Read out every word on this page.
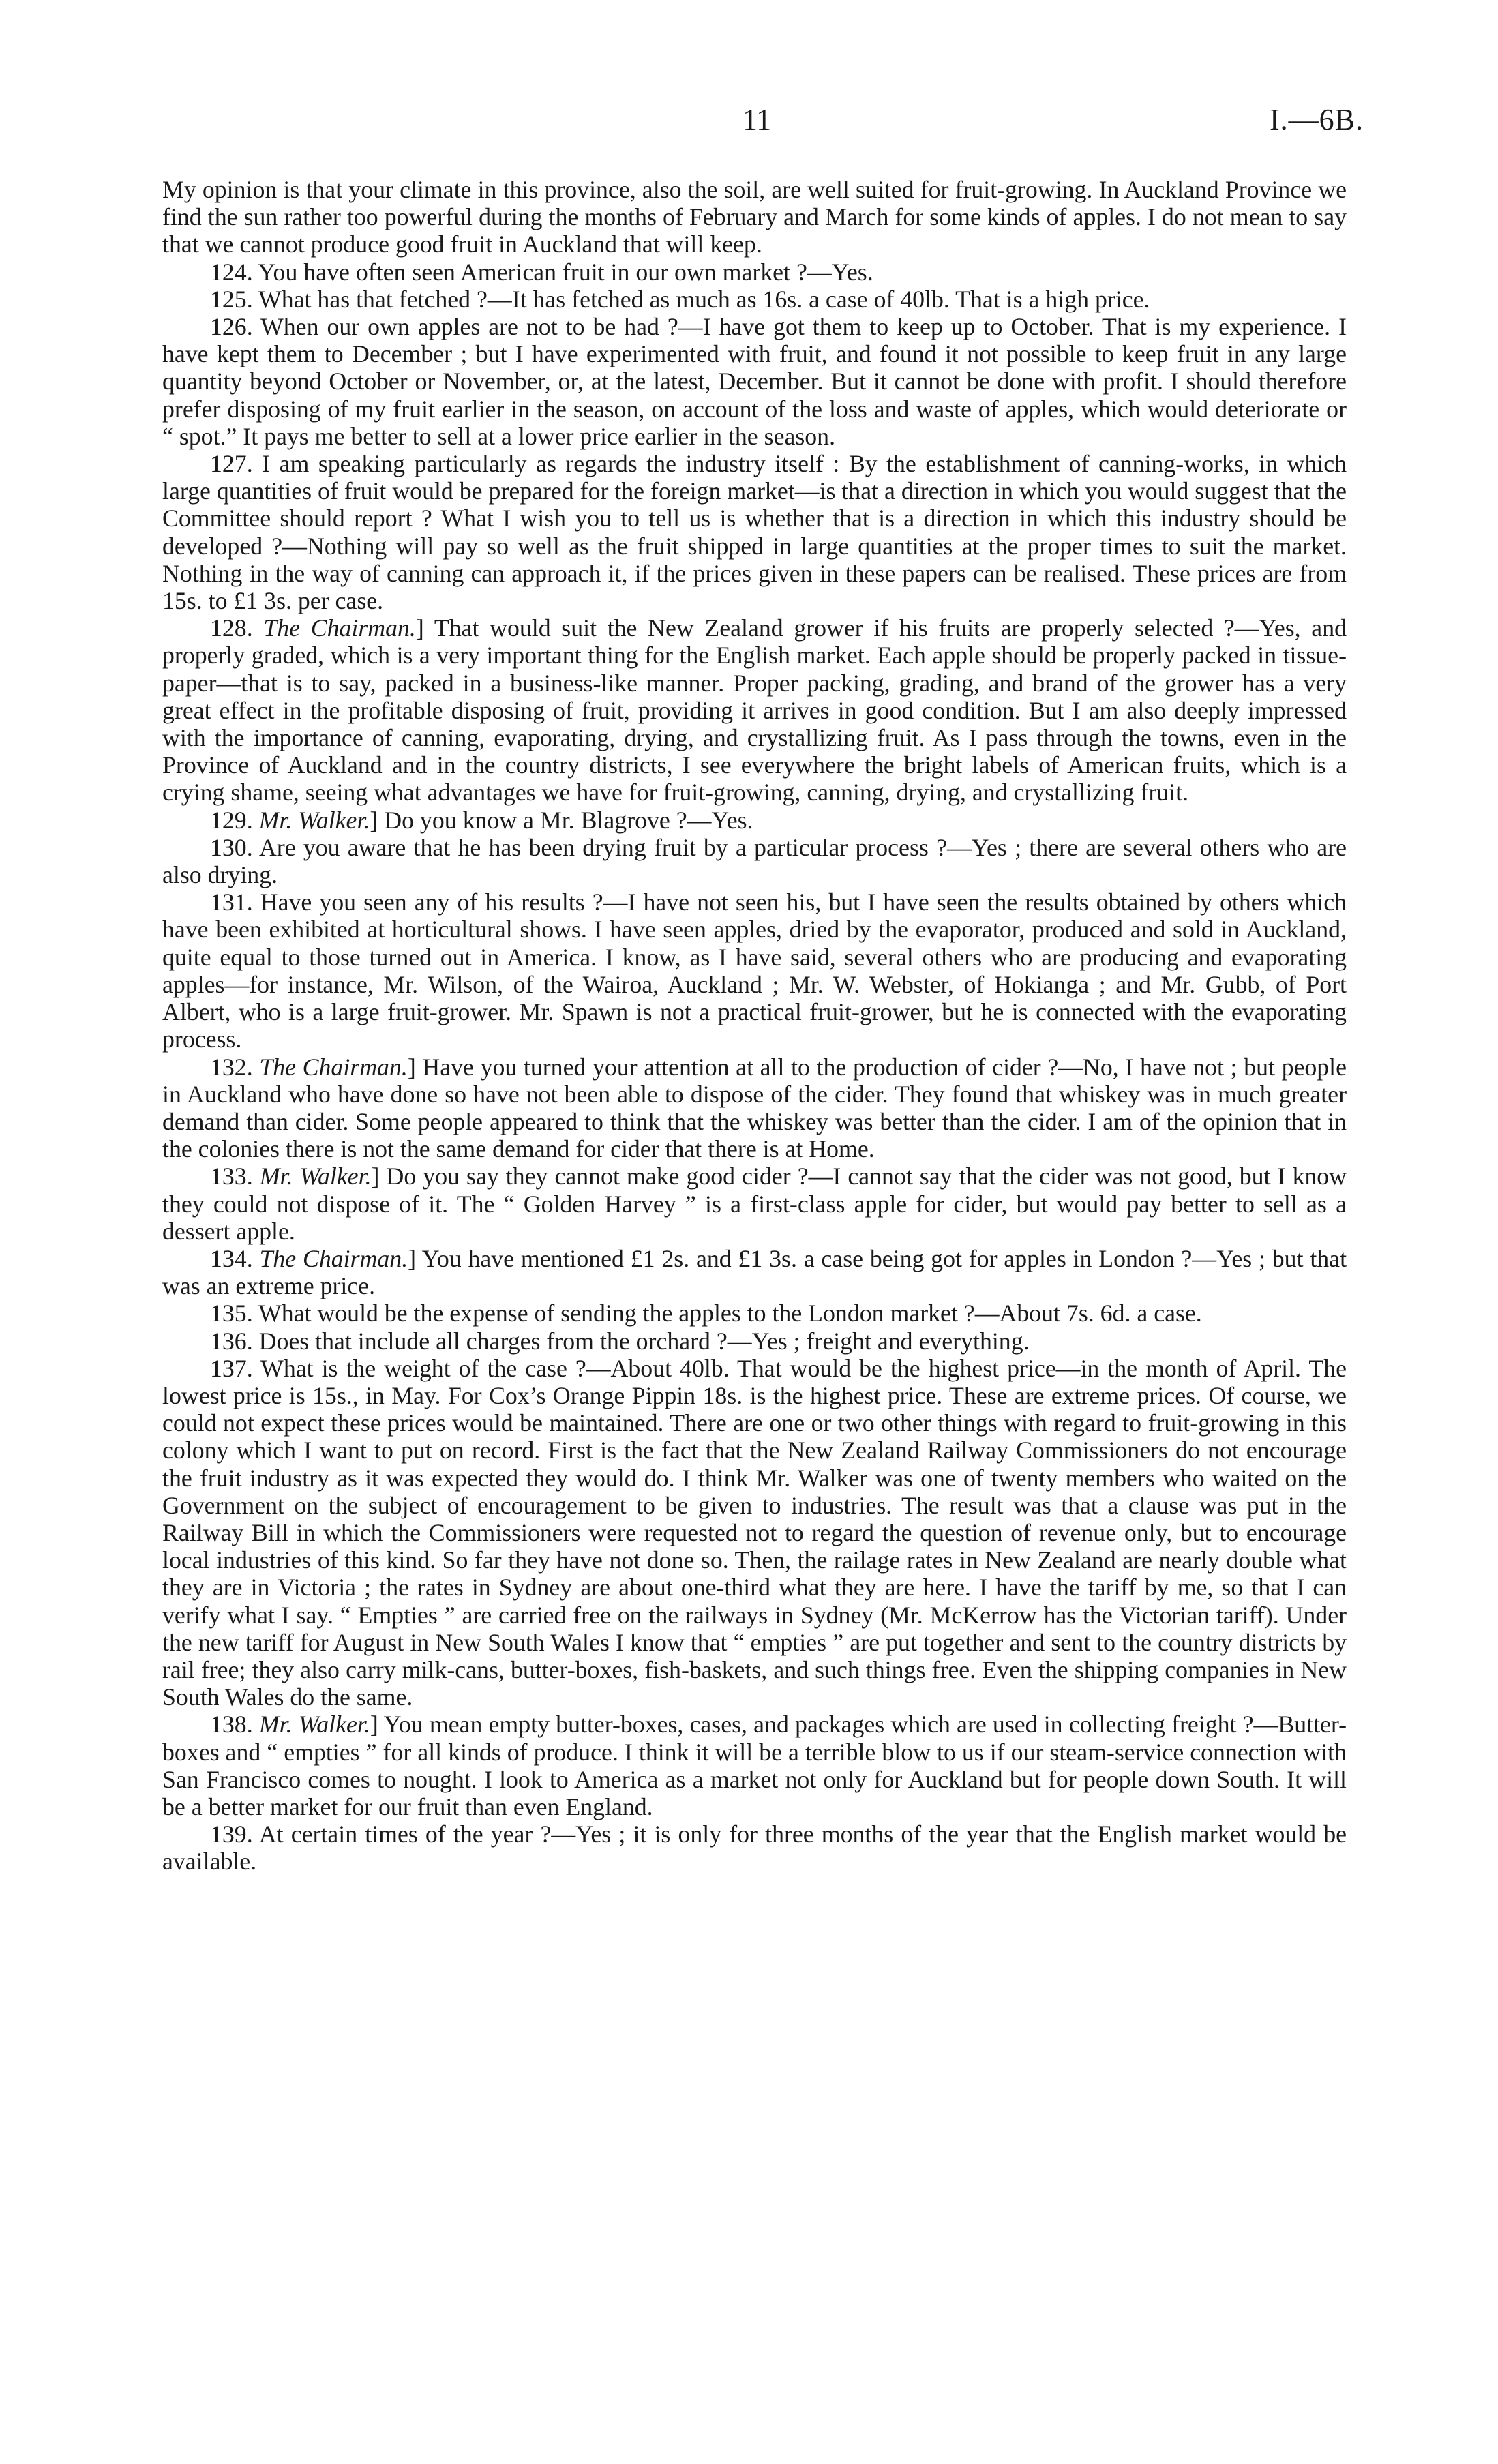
11	I.—6B.

My opinion is that your climate in this province, also the soil, are well suited for fruit-growing. In Auckland Province we find the sun rather too powerful during the months of February and March for some kinds of apples. I do not mean to say that we cannot produce good fruit in Auckland that will keep.

124. You have often seen American fruit in our own market ?—Yes.

125. What has that fetched ?—It has fetched as much as 16s. a case of 40lb. That is a high price.

126. When our own apples are not to be had ?—I have got them to keep up to October. That is my experience. I have kept them to December ; but I have experimented with fruit, and found it not possible to keep fruit in any large quantity beyond October or November, or, at the latest, December. But it cannot be done with profit. I should therefore prefer disposing of my fruit earlier in the season, on account of the loss and waste of apples, which would deteriorate or “ spot.” It pays me better to sell at a lower price earlier in the season.

127. I am speaking particularly as regards the industry itself : By the establishment of canning-works, in which large quantities of fruit would be prepared for the foreign market—is that a direction in which you would suggest that the Committee should report ? What I wish you to tell us is whether that is a direction in which this industry should be developed ?—Nothing will pay so well as the fruit shipped in large quantities at the proper times to suit the market. Nothing in the way of canning can approach it, if the prices given in these papers can be realised. These prices are from 15s. to £1 3s. per case.

128. The Chairman.] That would suit the New Zealand grower if his fruits are properly selected ?—Yes, and properly graded, which is a very important thing for the English market. Each apple should be properly packed in tissue-paper—that is to say, packed in a business-like manner. Proper packing, grading, and brand of the grower has a very great effect in the profitable disposing of fruit, providing it arrives in good condition. But I am also deeply impressed with the importance of canning, evaporating, drying, and crystallizing fruit. As I pass through the towns, even in the Province of Auckland and in the country districts, I see everywhere the bright labels of American fruits, which is a crying shame, seeing what advantages we have for fruit-growing, canning, drying, and crystallizing fruit.

129. Mr. Walker.] Do you know a Mr. Blagrove ?—Yes.

130. Are you aware that he has been drying fruit by a particular process ?—Yes ; there are several others who are also drying.

131. Have you seen any of his results ?—I have not seen his, but I have seen the results obtained by others which have been exhibited at horticultural shows. I have seen apples, dried by the evaporator, produced and sold in Auckland, quite equal to those turned out in America. I know, as I have said, several others who are producing and evaporating apples—for instance, Mr. Wilson, of the Wairoa, Auckland ; Mr. W. Webster, of Hokianga ; and Mr. Gubb, of Port Albert, who is a large fruit-grower. Mr. Spawn is not a practical fruit-grower, but he is connected with the evaporating process.

132. The Chairman.] Have you turned your attention at all to the production of cider ?—No, I have not ; but people in Auckland who have done so have not been able to dispose of the cider. They found that whiskey was in much greater demand than cider. Some people appeared to think that the whiskey was better than the cider. I am of the opinion that in the colonies there is not the same demand for cider that there is at Home.

133. Mr. Walker.] Do you say they cannot make good cider ?—I cannot say that the cider was not good, but I know they could not dispose of it. The “ Golden Harvey ” is a first-class apple for cider, but would pay better to sell as a dessert apple.

134. The Chairman.] You have mentioned £1 2s. and £1 3s. a case being got for apples in London ?—Yes ; but that was an extreme price.

135. What would be the expense of sending the apples to the London market ?—About 7s. 6d. a case.

136. Does that include all charges from the orchard ?—Yes ; freight and everything.

137. What is the weight of the case ?—About 40lb. That would be the highest price—in the month of April. The lowest price is 15s., in May. For Cox’s Orange Pippin 18s. is the highest price. These are extreme prices. Of course, we could not expect these prices would be maintained. There are one or two other things with regard to fruit-growing in this colony which I want to put on record. First is the fact that the New Zealand Railway Commissioners do not encourage the fruit industry as it was expected they would do. I think Mr. Walker was one of twenty members who waited on the Government on the subject of encouragement to be given to industries. The result was that a clause was put in the Railway Bill in which the Commissioners were requested not to regard the question of revenue only, but to encourage local industries of this kind. So far they have not done so. Then, the railage rates in New Zealand are nearly double what they are in Victoria ; the rates in Sydney are about one-third what they are here. I have the tariff by me, so that I can verify what I say. “ Empties ” are carried free on the railways in Sydney (Mr. McKerrow has the Victorian tariff). Under the new tariff for August in New South Wales I know that “ empties ” are put together and sent to the country districts by rail free; they also carry milk-cans, butter-boxes, fish-baskets, and such things free. Even the shipping companies in New South Wales do the same.

138. Mr. Walker.] You mean empty butter-boxes, cases, and packages which are used in collecting freight ?—Butter-boxes and “ empties ” for all kinds of produce. I think it will be a terrible blow to us if our steam-service connection with San Francisco comes to nought. I look to America as a market not only for Auckland but for people down South. It will be a better market for our fruit than even England.

139. At certain times of the year ?—Yes ; it is only for three months of the year that the English market would be available.
